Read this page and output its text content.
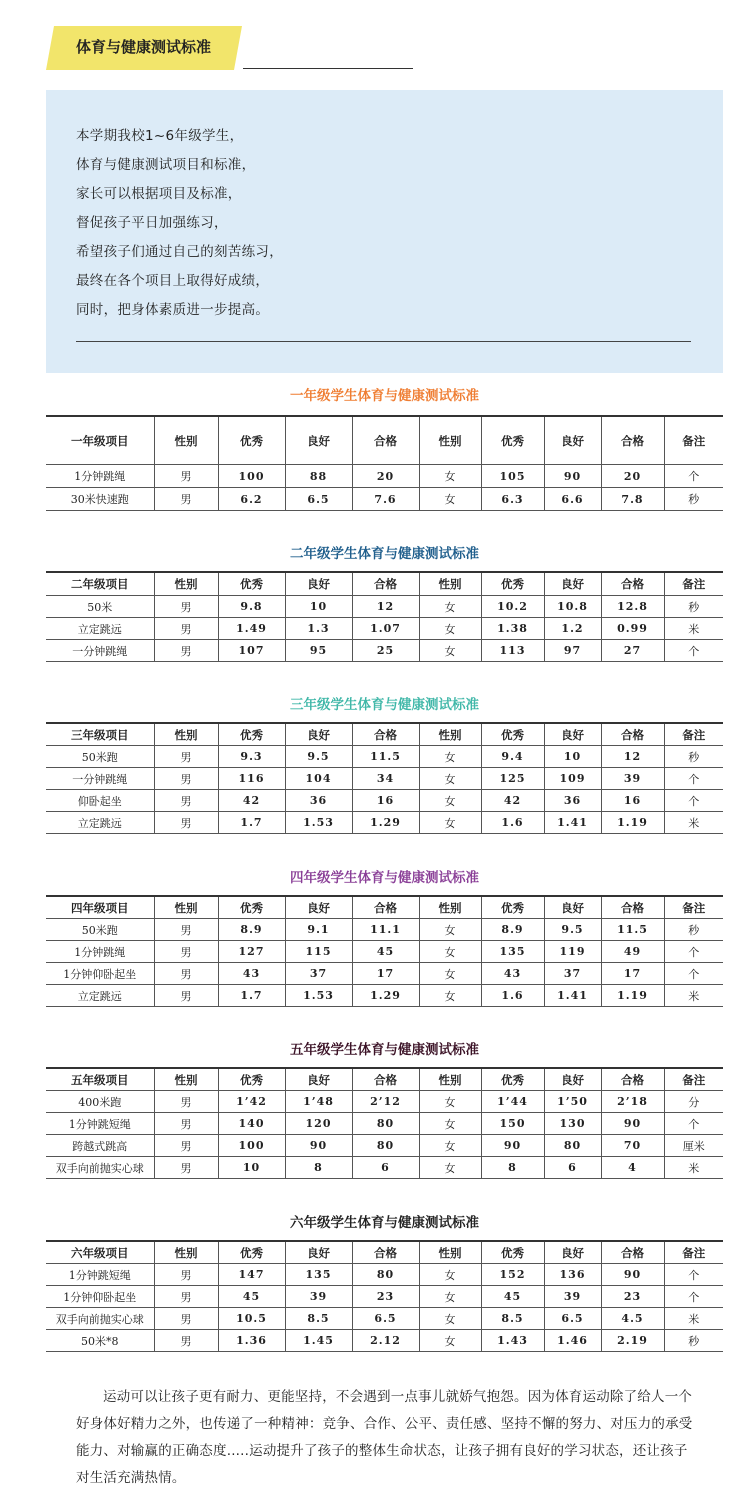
体育与健康测试标准
本学期我校1~6年级学生，
体育与健康测试项目和标准，
家长可以根据项目及标准，
督促孩子平日加强练习，
希望孩子们通过自己的刻苦练习，
最终在各个项目上取得好成绩，
同时，把身体素质进一步提高。
一年级学生体育与健康测试标准
一年级项目	性别	优秀	良好	合格	性别	优秀	良好	合格	备注
1分钟跳绳	男	100	88	20	女	105	90	20	个
30米快速跑	男	6.2	6.5	7.6	女	6.3	6.6	7.8	秒
二年级学生体育与健康测试标准
二年级项目	性别	优秀	良好	合格	性别	优秀	良好	合格	备注
50米	男	9.8	10	12	女	10.2	10.8	12.8	秒
立定跳远	男	1.49	1.3	1.07	女	1.38	1.2	0.99	米
一分钟跳绳	男	107	95	25	女	113	97	27	个
三年级学生体育与健康测试标准
三年级项目	性别	优秀	良好	合格	性别	优秀	良好	合格	备注
50米跑	男	9.3	9.5	11.5	女	9.4	10	12	秒
一分钟跳绳	男	116	104	34	女	125	109	39	个
仰卧起坐	男	42	36	16	女	42	36	16	个
立定跳远	男	1.7	1.53	1.29	女	1.6	1.41	1.19	米
四年级学生体育与健康测试标准
四年级项目	性别	优秀	良好	合格	性别	优秀	良好	合格	备注
50米跑	男	8.9	9.1	11.1	女	8.9	9.5	11.5	秒
1分钟跳绳	男	127	115	45	女	135	119	49	个
1分钟仰卧起坐	男	43	37	17	女	43	37	17	个
立定跳远	男	1.7	1.53	1.29	女	1.6	1.41	1.19	米
五年级学生体育与健康测试标准
五年级项目	性别	优秀	良好	合格	性别	优秀	良好	合格	备注
400米跑	男	1’42	1’48	2’12	女	1’44	1’50	2’18	分
1分钟跳短绳	男	140	120	80	女	150	130	90	个
跨越式跳高	男	100	90	80	女	90	80	70	厘米
双手向前抛实心球	男	10	8	6	女	8	6	4	米
六年级学生体育与健康测试标准
六年级项目	性别	优秀	良好	合格	性别	优秀	良好	合格	备注
1分钟跳短绳	男	147	135	80	女	152	136	90	个
1分钟仰卧起坐	男	45	39	23	女	45	39	23	个
双手向前抛实心球	男	10.5	8.5	6.5	女	8.5	6.5	4.5	米
50米*8	男	1.36	1.45	2.12	女	1.43	1.46	2.19	秒

运动可以让孩子更有耐力、更能坚持，不会遇到一点事儿就娇气抱怨。因为体育运动除了给人一个好身体好精力之外，也传递了一种精神：竞争、合作、公平、责任感、坚持不懈的努力、对压力的承受能力、对输赢的正确态度.....运动提升了孩子的整体生命状态，让孩子拥有良好的学习状态，还让孩子对生活充满热情。
